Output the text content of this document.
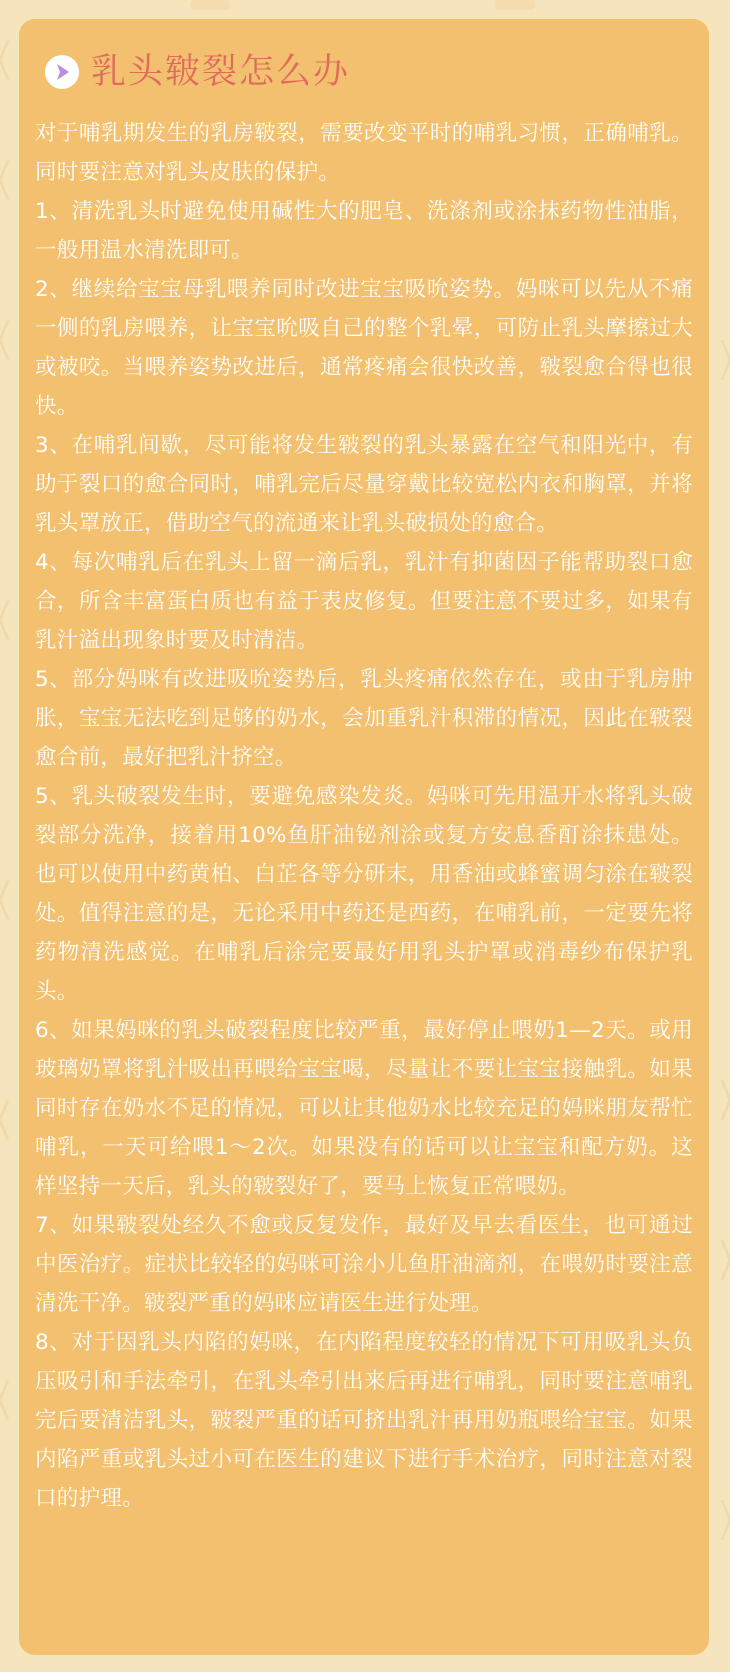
乳头皲裂怎么办

对于哺乳期发生的乳房皲裂，需要改变平时的哺乳习惯，正确哺乳。同时要注意对乳头皮肤的保护。

1、清洗乳头时避免使用碱性大的肥皂、洗涤剂或涂抹药物性油脂，一般用温水清洗即可。

2、继续给宝宝母乳喂养同时改进宝宝吸吮姿势。妈咪可以先从不痛一侧的乳房喂养，让宝宝吮吸自己的整个乳晕，可防止乳头摩擦过大或被咬。当喂养姿势改进后，通常疼痛会很快改善，皲裂愈合得也很快。

3、在哺乳间歇，尽可能将发生皲裂的乳头暴露在空气和阳光中，有助于裂口的愈合同时，哺乳完后尽量穿戴比较宽松内衣和胸罩，并将乳头罩放正，借助空气的流通来让乳头破损处的愈合。

4、每次哺乳后在乳头上留一滴后乳，乳汁有抑菌因子能帮助裂口愈合，所含丰富蛋白质也有益于表皮修复。但要注意不要过多，如果有乳汁溢出现象时要及时清洁。

5、部分妈咪有改进吸吮姿势后，乳头疼痛依然存在，或由于乳房肿胀，宝宝无法吃到足够的奶水，会加重乳汁积滞的情况，因此在皲裂愈合前，最好把乳汁挤空。

5、乳头破裂发生时，要避免感染发炎。妈咪可先用温开水将乳头破裂部分洗净，接着用10%鱼肝油铋剂涂或复方安息香酊涂抹患处。也可以使用中药黄柏、白芷各等分研末，用香油或蜂蜜调匀涂在皲裂处。值得注意的是，无论采用中药还是西药，在哺乳前，一定要先将药物清洗感觉。在哺乳后涂完要最好用乳头护罩或消毒纱布保护乳头。

6、如果妈咪的乳头破裂程度比较严重，最好停止喂奶1—2天。或用玻璃奶罩将乳汁吸出再喂给宝宝喝，尽量让不要让宝宝接触乳。如果同时存在奶水不足的情况，可以让其他奶水比较充足的妈咪朋友帮忙哺乳，一天可给喂1～2次。如果没有的话可以让宝宝和配方奶。这样坚持一天后，乳头的皲裂好了，要马上恢复正常喂奶。

7、如果皲裂处经久不愈或反复发作，最好及早去看医生，也可通过中医治疗。症状比较轻的妈咪可涂小儿鱼肝油滴剂，在喂奶时要注意清洗干净。皲裂严重的妈咪应请医生进行处理。

8、对于因乳头内陷的妈咪，在内陷程度较轻的情况下可用吸乳头负压吸引和手法牵引，在乳头牵引出来后再进行哺乳，同时要注意哺乳完后要清洁乳头，皲裂严重的话可挤出乳汁再用奶瓶喂给宝宝。如果内陷严重或乳头过小可在医生的建议下进行手术治疗，同时注意对裂口的护理。
